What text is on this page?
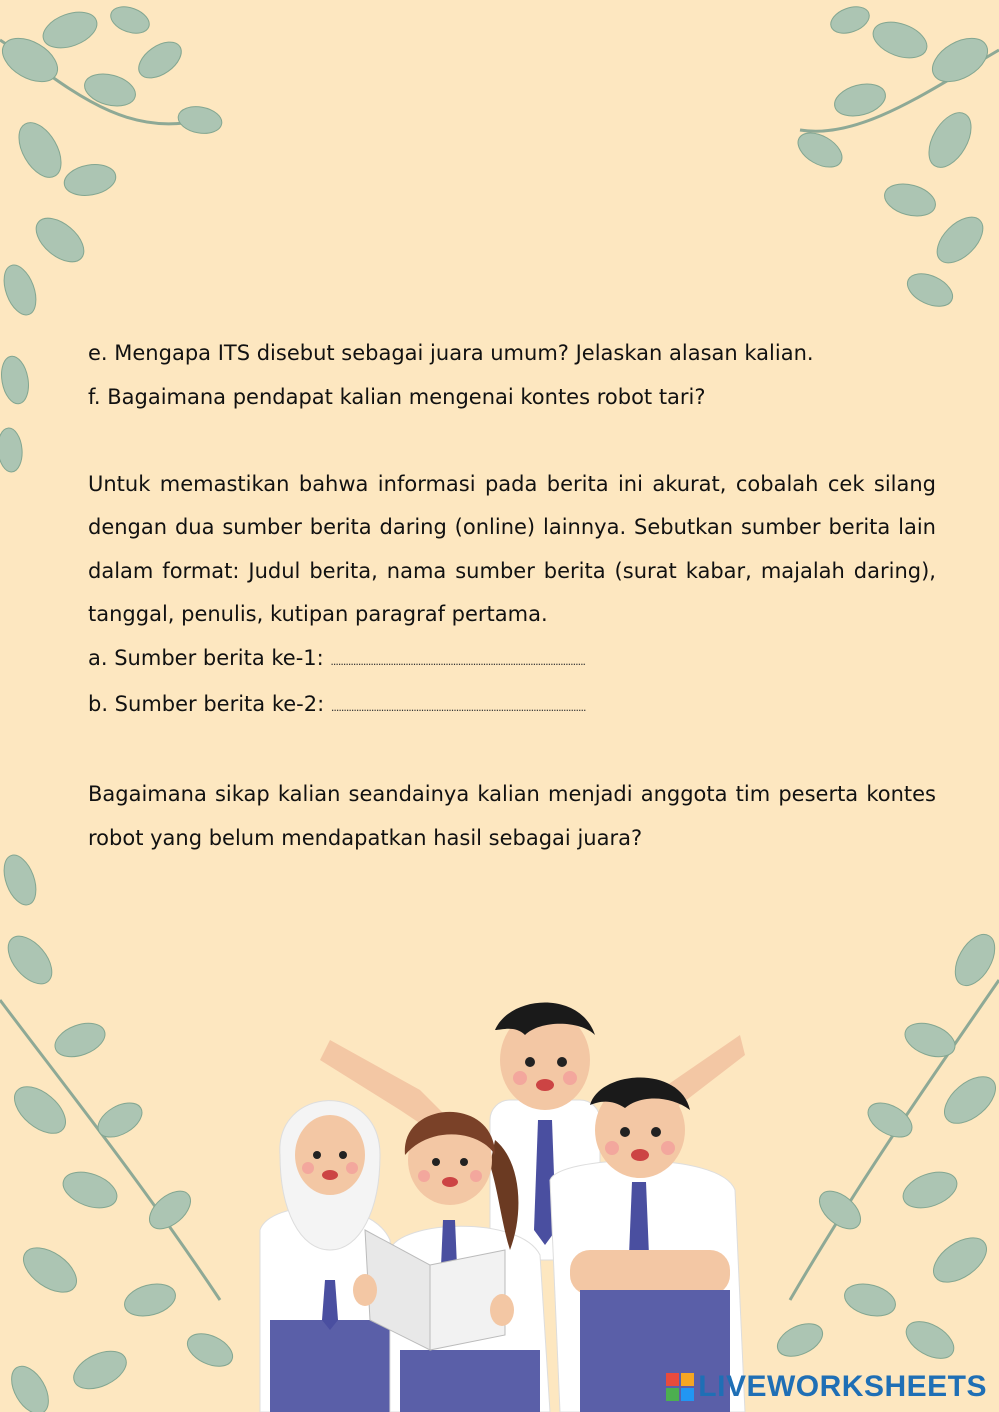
e. Mengapa ITS disebut sebagai juara umum? Jelaskan alasan kalian.

f. Bagaimana pendapat kalian mengenai kontes robot tari?

Untuk memastikan bahwa informasi pada berita ini akurat, cobalah cek silang dengan dua sumber berita daring (online) lainnya. Sebutkan sumber berita lain dalam format: Judul berita, nama sumber berita (surat kabar, majalah daring), tanggal, penulis, kutipan paragraf pertama.

a. Sumber berita ke-1: ......................................................................................................

b. Sumber berita ke-2: ......................................................................................................

Bagaimana sikap kalian seandainya kalian menjadi anggota tim peserta kontes robot yang belum mendapatkan hasil sebagai juara?

LIVEWORKSHEETS
